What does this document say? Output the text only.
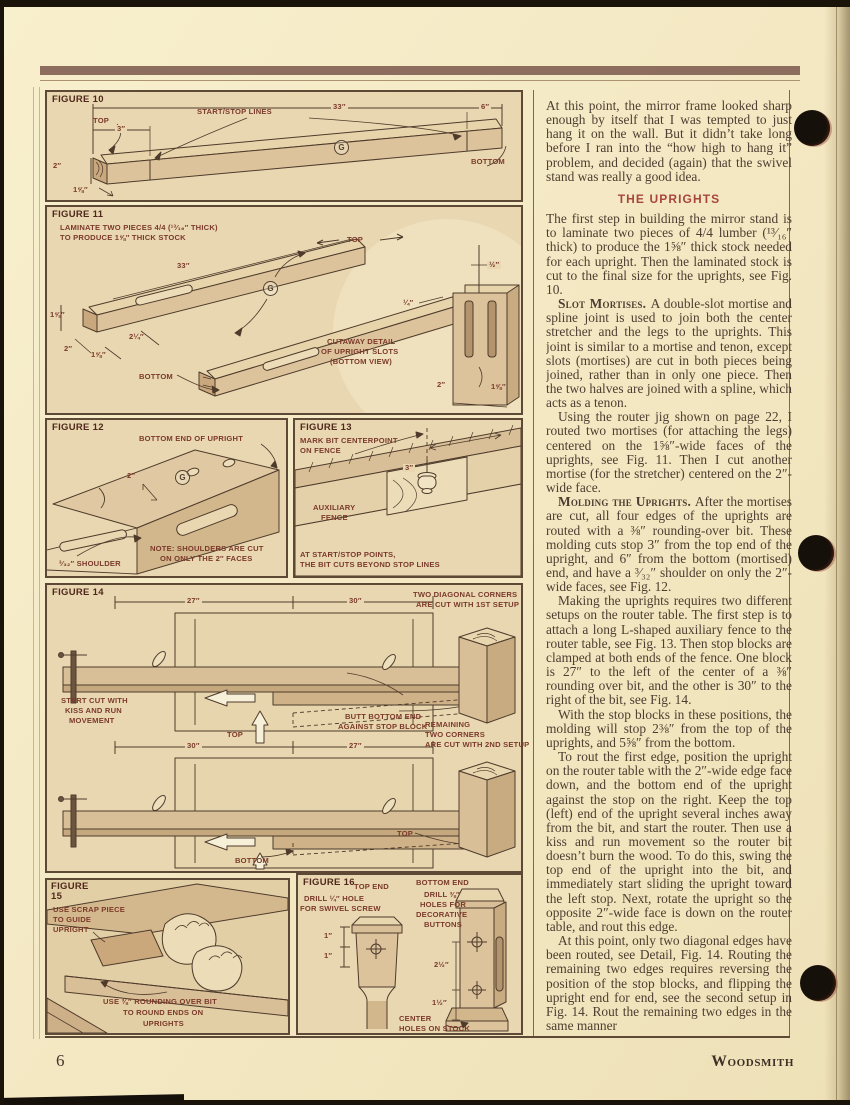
FIGURE 10
33″	6″
TOP
3″
START/STOP LINES
G
BOTTOM
2″
1⅝″
FIGURE 11
LAMINATE TWO PIECES 4/4 (¹³⁄₁₆″ THICK)
TO PRODUCE 1⅝″ THICK STOCK
33″
TOP
G
1⅝″
2″
1⅝″
2¼″
BOTTOM
CUTAWAY DETAIL
OF UPRIGHT SLOTS
(BOTTOM VIEW)
½″
¼″
2″	1⅝″
FIGURE 12
BOTTOM END OF UPRIGHT
2″	G
NOTE: SHOULDERS ARE CUT
ON ONLY THE 2″ FACES
³⁄₃₂″ SHOULDER
FIGURE 13
MARK BIT CENTERPOINT
ON FENCE
3″
AUXILIARY
FENCE
AT START/STOP POINTS,
THE BIT CUTS BEYOND STOP LINES
FIGURE 14
27″	30″
TWO DIAGONAL CORNERS
ARE CUT WITH 1ST SETUP
START CUT WITH
KISS AND RUN
MOVEMENT	BUTT BOTTOM END
AGAINST STOP BLOCK
TOP
30″	27″
REMAINING
TWO CORNERS
ARE CUT WITH 2ND SETUP
TOP
BOTTOM
FIGURE
15
USE SCRAP PIECE
TO GUIDE
UPRIGHT
USE ⅜″ ROUNDING OVER BIT
TO ROUND ENDS ON
UPRIGHTS
FIGURE 16 TOP END	BOTTOM END
DRILL ¼″ HOLE
FOR SWIVEL SCREW
DRILL ⅜″
HOLES FOR
DECORATIVE
BUTTONS
1″
1″
2½″
1½″
CENTER
HOLES ON STOCK

At this point, the mirror frame looked sharp enough by itself that I was tempted to just hang it on the wall. But it didn’t take long before I ran into the “how high to hang it” problem, and decided (again) that the swivel stand was really a good idea.

THE UPRIGHTS

The first step in building the mirror stand is to laminate two pieces of 4/4 lumber (¹³⁄₁₆″ thick) to produce the 1⅝″ thick stock needed for each upright. Then the laminated stock is cut to the final size for the uprights, see Fig. 10.

Slot Mortises. A double-slot mortise and spline joint is used to join both the center stretcher and the legs to the uprights. This joint is similar to a mortise and tenon, except slots (mortises) are cut in both pieces being joined, rather than in only one piece. Then the two halves are joined with a spline, which acts as a tenon.

Using the router jig shown on page 22, I routed two mortises (for attaching the legs) centered on the 1⅝″-wide faces of the uprights, see Fig. 11. Then I cut another mortise (for the stretcher) centered on the 2″-wide face.

Molding the Uprights. After the mortises are cut, all four edges of the uprights are routed with a ⅜″ rounding-over bit. These molding cuts stop 3″ from the top end of the upright, and 6″ from the bottom (mortised) end, and have a ³⁄₃₂″ shoulder on only the 2″-wide faces, see Fig. 12.

Making the uprights requires two different setups on the router table. The first step is to attach a long L-shaped auxiliary fence to the router table, see Fig. 13. Then stop blocks are clamped at both ends of the fence. One block is 27″ to the left of the center of a ⅜″ rounding over bit, and the other is 30″ to the right of the bit, see Fig. 14.

With the stop blocks in these positions, the molding will stop 2⅜″ from the top of the uprights, and 5⅝″ from the bottom.

To rout the first edge, position the upright on the router table with the 2″-wide edge face down, and the bottom end of the upright against the stop on the right. Keep the top (left) end of the upright several inches away from the bit, and start the router. Then use a kiss and run movement so the router bit doesn’t burn the wood. To do this, swing the top end of the upright into the bit, and immediately start sliding the upright toward the left stop. Next, rotate the upright so the opposite 2″-wide face is down on the router table, and rout this edge.

At this point, only two diagonal edges have been routed, see Detail, Fig. 14. Routing the remaining two edges requires reversing the position of the stop blocks, and flipping the upright end for end, see the second setup in Fig. 14. Rout the remaining two edges in the same manner

6	Woodsmith
